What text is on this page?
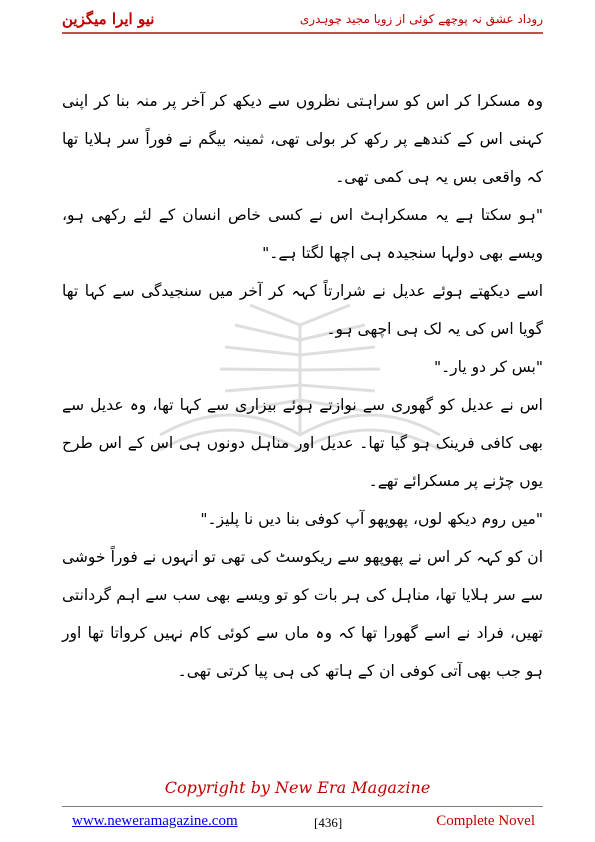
نیو ایرا میگزین	روداد عشق نہ پوچھے کوئی از زویا مجید چوہدری

وہ مسکرا کر اس کو سراہتی نظروں سے دیکھ کر آخر پر منہ بنا کر اپنی کہنی اس کے کندھے پر رکھ کر بولی تھی، ثمینہ بیگم نے فوراً سر ہلایا تھا کہ واقعی بس یہ ہی کمی تھی۔

"ہو سکتا ہے یہ مسکراہٹ اس نے کسی خاص انسان کے لئے رکھی ہو، ویسے بھی دولہا سنجیدہ ہی اچھا لگتا ہے۔"

اسے دیکھتے ہوئے عدیل نے شرارتاً کہہ کر آخر میں سنجیدگی سے کہا تھا گویا اس کی یہ لک ہی اچھی ہو۔

"بس کر دو یار۔"

اس نے عدیل کو گھوری سے نوازتے ہوئے بیزاری سے کہا تھا، وہ عدیل سے بھی کافی فرینک ہو گیا تھا۔ عدیل اور مناہل دونوں ہی اس کے اس طرح یوں چڑنے پر مسکرائے تھے۔

"میں روم دیکھ لوں، پھوپھو آپ کوفی بنا دیں نا پلیز۔"

ان کو کہہ کر اس نے پھوپھو سے ریکوسٹ کی تھی تو انہوں نے فوراً خوشی سے سر ہلایا تھا، مناہل کی ہر بات کو تو ویسے بھی سب سے اہم گردانتی تھیں، فراد نے اسے گھورا تھا کہ وہ ماں سے کوئی کام نہیں کرواتا تھا اور ہو جب بھی آتی کوفی ان کے ہاتھ کی ہی پیا کرتی تھی۔

Copyright by New Era Magazine
www.neweramagazine.com	[436]	Complete Novel
